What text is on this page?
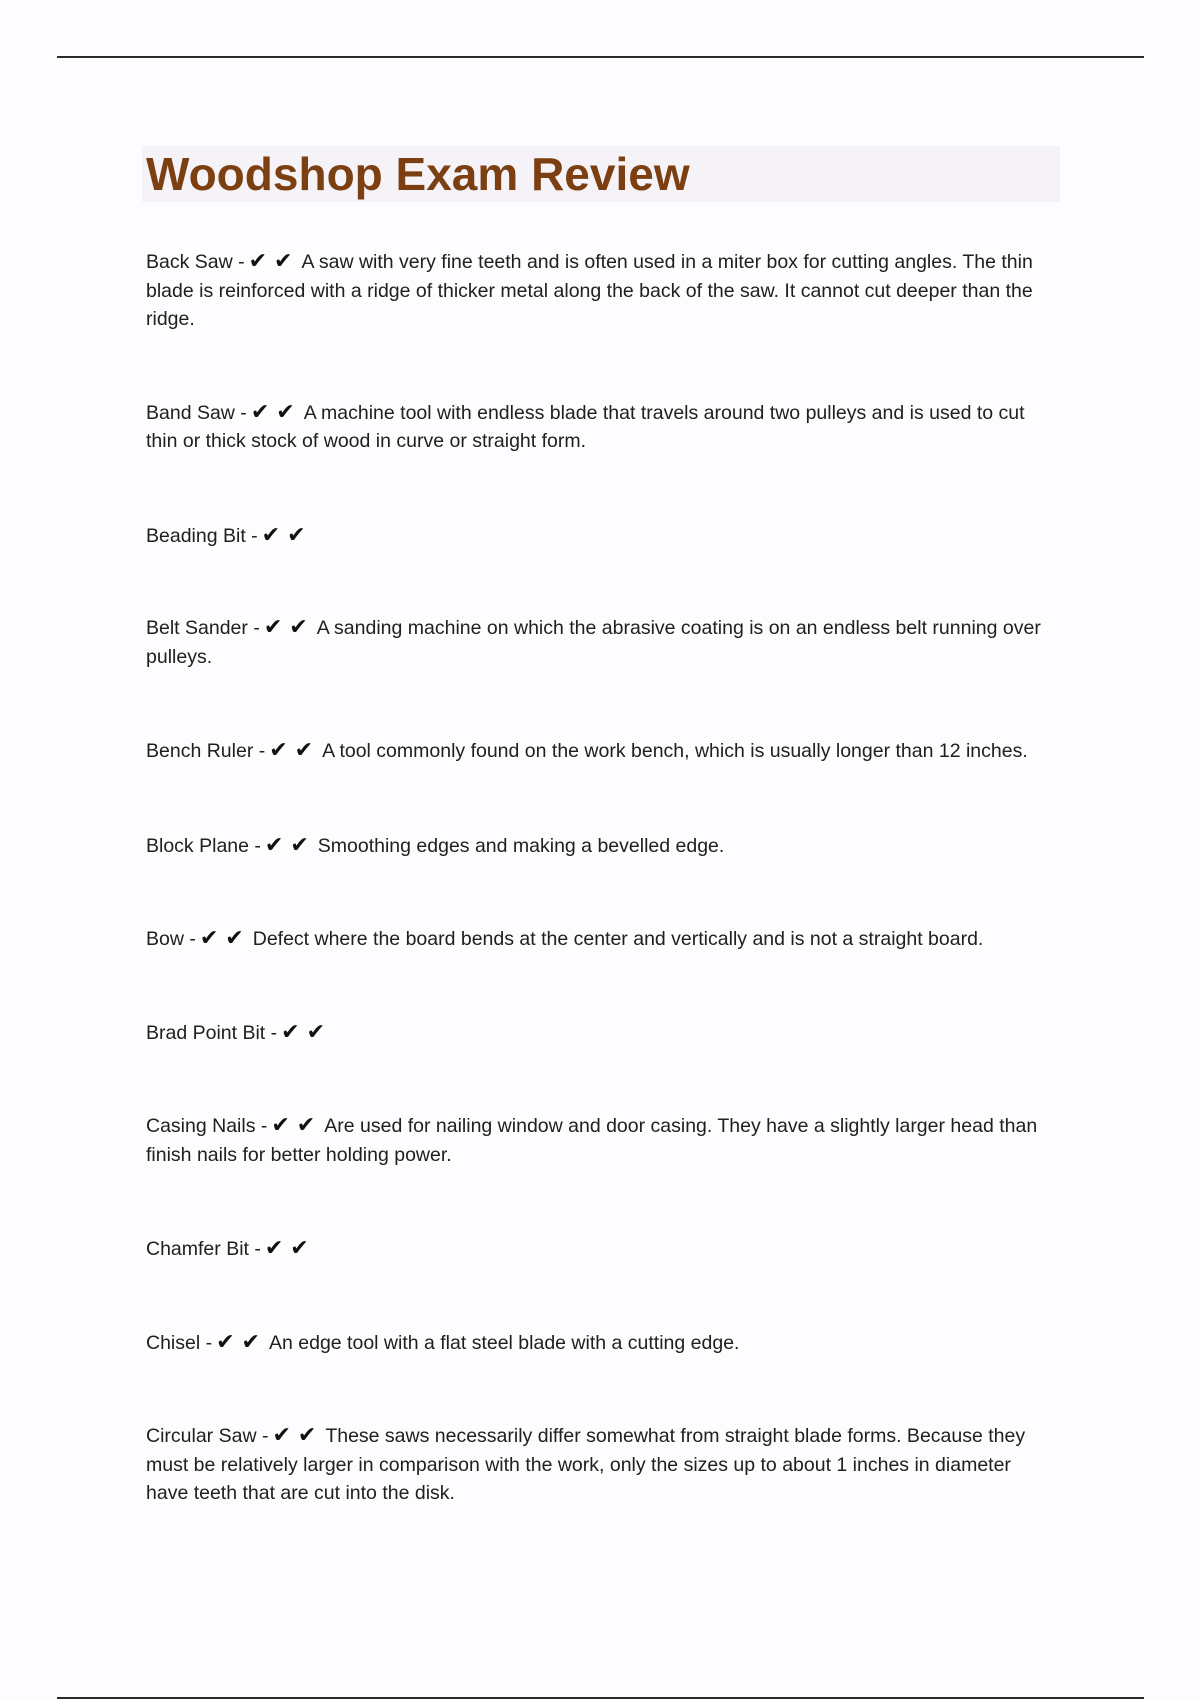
Woodshop Exam Review

Back Saw - ✔✔ A saw with very fine teeth and is often used in a miter box for cutting angles. The thin blade is reinforced with a ridge of thicker metal along the back of the saw. It cannot cut deeper than the ridge.

Band Saw - ✔✔ A machine tool with endless blade that travels around two pulleys and is used to cut thin or thick stock of wood in curve or straight form.

Beading Bit - ✔✔

Belt Sander - ✔✔ A sanding machine on which the abrasive coating is on an endless belt running over pulleys.

Bench Ruler - ✔✔ A tool commonly found on the work bench, which is usually longer than 12 inches.

Block Plane - ✔✔ Smoothing edges and making a bevelled edge.

Bow - ✔✔ Defect where the board bends at the center and vertically and is not a straight board.

Brad Point Bit - ✔✔

Casing Nails - ✔✔ Are used for nailing window and door casing. They have a slightly larger head than finish nails for better holding power.

Chamfer Bit - ✔✔

Chisel - ✔✔ An edge tool with a flat steel blade with a cutting edge.

Circular Saw - ✔✔ These saws necessarily differ somewhat from straight blade forms. Because they must be relatively larger in comparison with the work, only the sizes up to about 1 inches in diameter have teeth that are cut into the disk.
